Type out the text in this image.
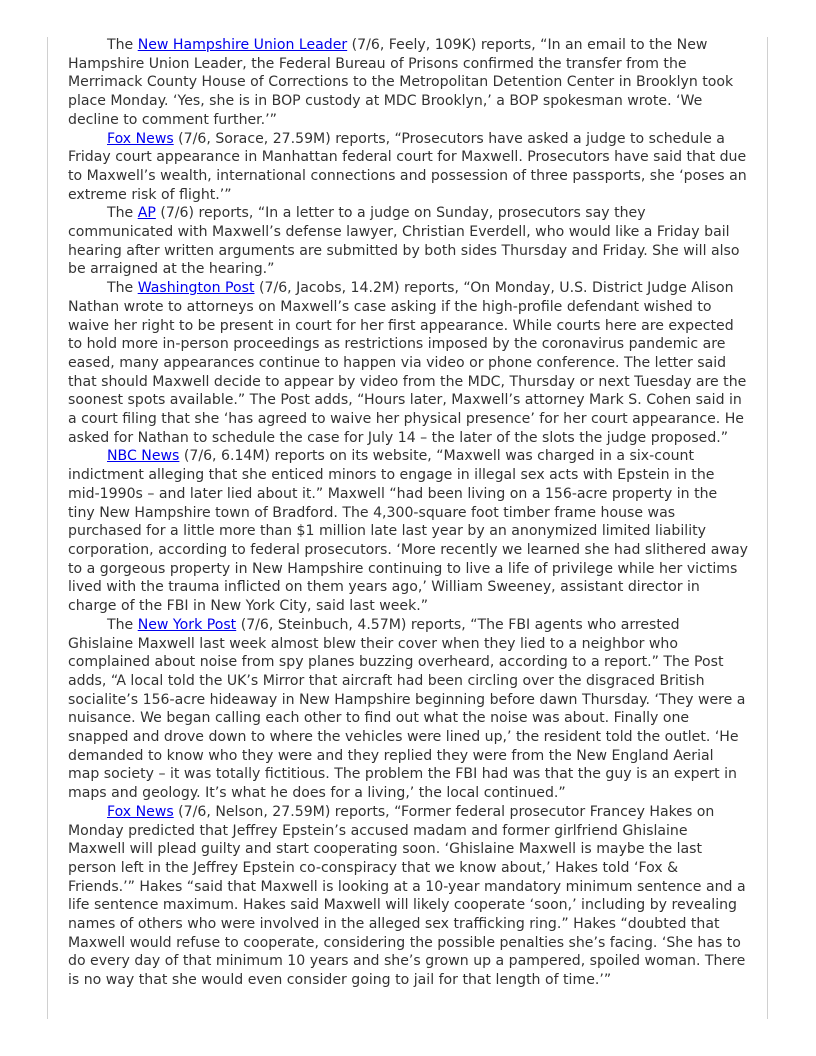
The New Hampshire Union Leader (7/6, Feely, 109K) reports, “In an email to the New Hampshire Union Leader, the Federal Bureau of Prisons confirmed the transfer from the Merrimack County House of Corrections to the Metropolitan Detention Center in Brooklyn took place Monday. ‘Yes, she is in BOP custody at MDC Brooklyn,’ a BOP spokesman wrote. ‘We decline to comment further.’”

Fox News (7/6, Sorace, 27.59M) reports, “Prosecutors have asked a judge to schedule a Friday court appearance in Manhattan federal court for Maxwell. Prosecutors have said that due to Maxwell’s wealth, international connections and possession of three passports, she ‘poses an extreme risk of flight.’”

The AP (7/6) reports, “In a letter to a judge on Sunday, prosecutors say they communicated with Maxwell’s defense lawyer, Christian Everdell, who would like a Friday bail hearing after written arguments are submitted by both sides Thursday and Friday. She will also be arraigned at the hearing.”

The Washington Post (7/6, Jacobs, 14.2M) reports, “On Monday, U.S. District Judge Alison Nathan wrote to attorneys on Maxwell’s case asking if the high-profile defendant wished to waive her right to be present in court for her first appearance. While courts here are expected to hold more in-person proceedings as restrictions imposed by the coronavirus pandemic are eased, many appearances continue to happen via video or phone conference. The letter said that should Maxwell decide to appear by video from the MDC, Thursday or next Tuesday are the soonest spots available.” The Post adds, “Hours later, Maxwell’s attorney Mark S. Cohen said in a court filing that she ‘has agreed to waive her physical presence’ for her court appearance. He asked for Nathan to schedule the case for July 14 – the later of the slots the judge proposed.”

NBC News (7/6, 6.14M) reports on its website, “Maxwell was charged in a six-count indictment alleging that she enticed minors to engage in illegal sex acts with Epstein in the mid-1990s – and later lied about it.” Maxwell “had been living on a 156-acre property in the tiny New Hampshire town of Bradford. The 4,300-square foot timber frame house was purchased for a little more than $1 million late last year by an anonymized limited liability corporation, according to federal prosecutors. ‘More recently we learned she had slithered away to a gorgeous property in New Hampshire continuing to live a life of privilege while her victims lived with the trauma inflicted on them years ago,’ William Sweeney, assistant director in charge of the FBI in New York City, said last week.”

The New York Post (7/6, Steinbuch, 4.57M) reports, “The FBI agents who arrested Ghislaine Maxwell last week almost blew their cover when they lied to a neighbor who complained about noise from spy planes buzzing overheard, according to a report.” The Post adds, “A local told the UK’s Mirror that aircraft had been circling over the disgraced British socialite’s 156-acre hideaway in New Hampshire beginning before dawn Thursday. ‘They were a nuisance. We began calling each other to find out what the noise was about. Finally one snapped and drove down to where the vehicles were lined up,’ the resident told the outlet. ‘He demanded to know who they were and they replied they were from the New England Aerial map society – it was totally fictitious. The problem the FBI had was that the guy is an expert in maps and geology. It’s what he does for a living,’ the local continued.”

Fox News (7/6, Nelson, 27.59M) reports, “Former federal prosecutor Francey Hakes on Monday predicted that Jeffrey Epstein’s accused madam and former girlfriend Ghislaine Maxwell will plead guilty and start cooperating soon. ‘Ghislaine Maxwell is maybe the last person left in the Jeffrey Epstein co-conspiracy that we know about,’ Hakes told ‘Fox & Friends.’” Hakes “said that Maxwell is looking at a 10-year mandatory minimum sentence and a life sentence maximum. Hakes said Maxwell will likely cooperate ‘soon,’ including by revealing names of others who were involved in the alleged sex trafficking ring.” Hakes “doubted that Maxwell would refuse to cooperate, considering the possible penalties she’s facing. ‘She has to do every day of that minimum 10 years and she’s grown up a pampered, spoiled woman. There is no way that she would even consider going to jail for that length of time.’”
